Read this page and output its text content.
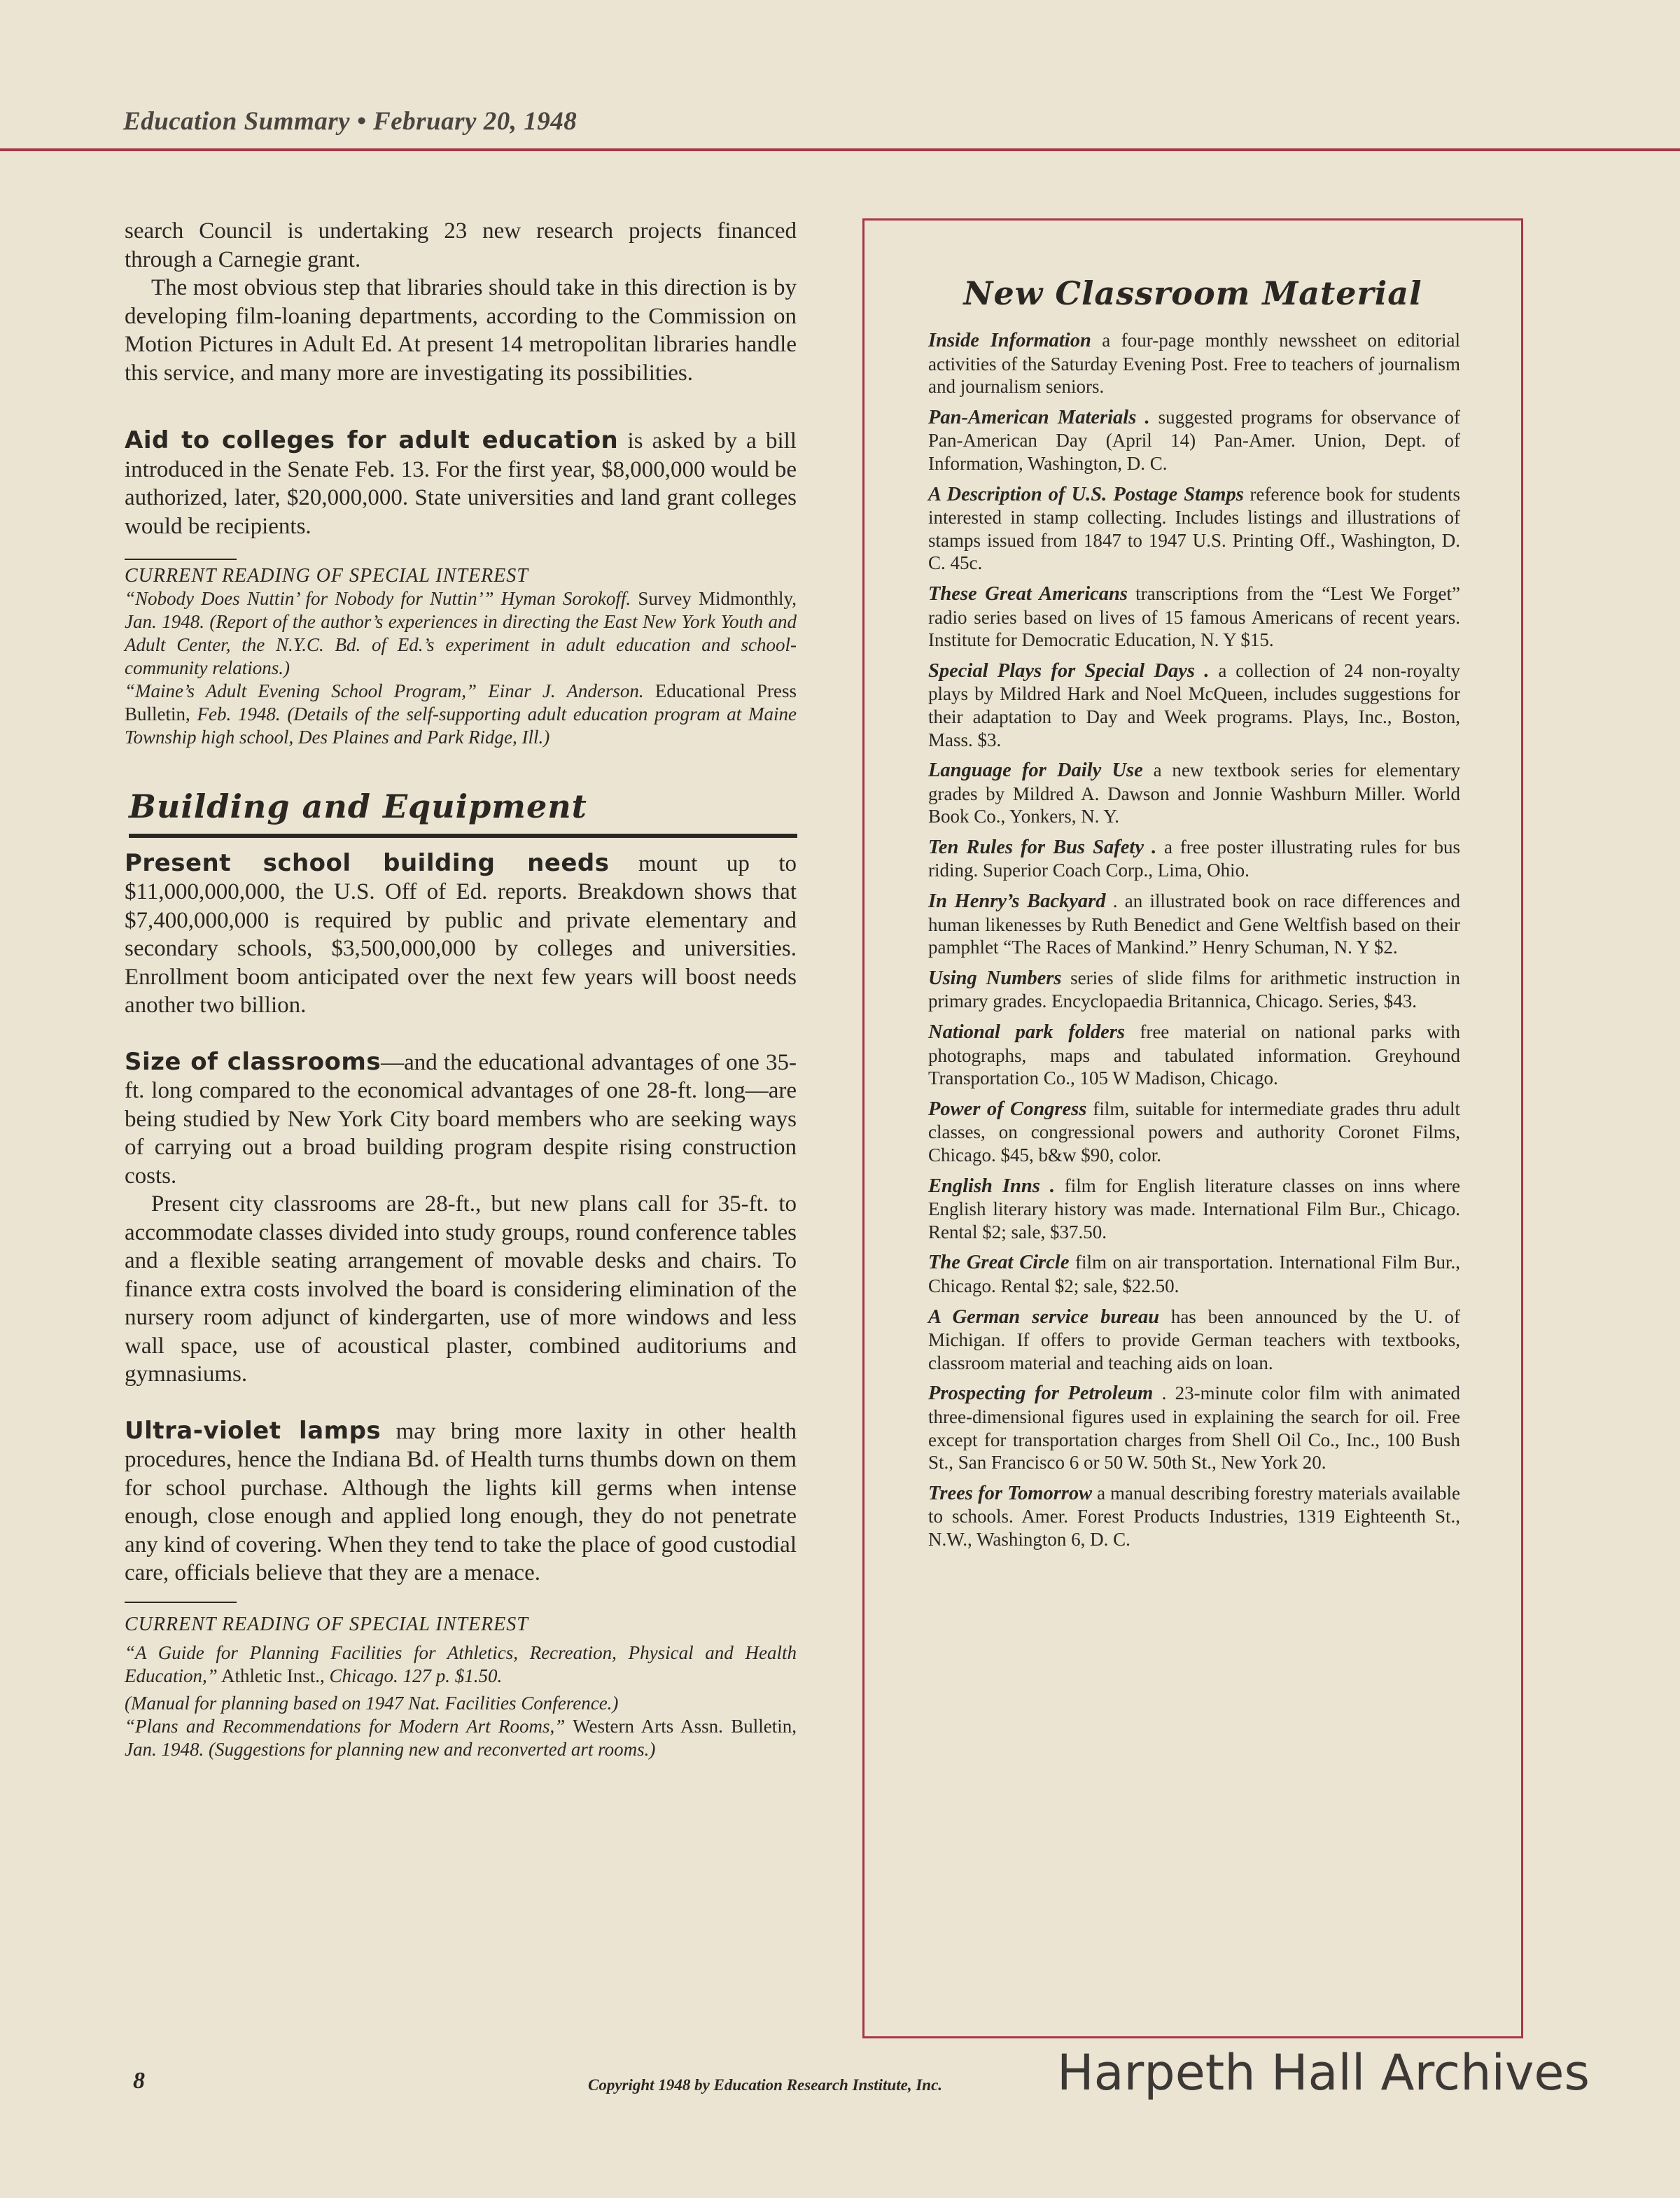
Education Summary • February 20, 1948

search Council is undertaking 23 new research projects financed through a Carnegie grant.

The most obvious step that libraries should take in this direction is by developing film-loaning departments, according to the Commission on Motion Pictures in Adult Ed. At present 14 metropolitan libraries handle this service, and many more are investigating its possibilities.

Aid to colleges for adult education is asked by a bill introduced in the Senate Feb. 13. For the first year, $8,000,000 would be authorized, later, $20,000,000. State universities and land grant colleges would be recipients.

CURRENT READING OF SPECIAL INTEREST

“Nobody Does Nuttin’ for Nobody for Nuttin’” Hyman Sorokoff. Survey Midmonthly, Jan. 1948. (Report of the author’s experiences in directing the East New York Youth and Adult Center, the N.Y.C. Bd. of Ed.’s experiment in adult education and school-community relations.)

“Maine’s Adult Evening School Program,” Einar J. Anderson. Educational Press Bulletin, Feb. 1948. (Details of the self-supporting adult education program at Maine Township high school, Des Plaines and Park Ridge, Ill.)

Building and Equipment

Present school building needs mount up to $11,000,000,000, the U.S. Off of Ed. reports. Breakdown shows that $7,400,000,000 is required by public and private elementary and secondary schools, $3,500,000,000 by colleges and universities. Enrollment boom anticipated over the next few years will boost needs another two billion.

Size of classrooms—and the educational advantages of one 35-ft. long compared to the economical advantages of one 28-ft. long—are being studied by New York City board members who are seeking ways of carrying out a broad building program despite rising construction costs.

Present city classrooms are 28-ft., but new plans call for 35-ft. to accommodate classes divided into study groups, round conference tables and a flexible seating arrangement of movable desks and chairs. To finance extra costs involved the board is considering elimination of the nursery room adjunct of kindergarten, use of more windows and less wall space, use of acoustical plaster, combined auditoriums and gymnasiums.

Ultra-violet lamps may bring more laxity in other health procedures, hence the Indiana Bd. of Health turns thumbs down on them for school purchase. Although the lights kill germs when intense enough, close enough and applied long enough, they do not penetrate any kind of covering. When they tend to take the place of good custodial care, officials believe that they are a menace.

CURRENT READING OF SPECIAL INTEREST

“A Guide for Planning Facilities for Athletics, Recreation, Physical and Health Education,” Athletic Inst., Chicago. 127 p. $1.50.

(Manual for planning based on 1947 Nat. Facilities Conference.)

“Plans and Recommendations for Modern Art Rooms,” Western Arts Assn. Bulletin, Jan. 1948. (Suggestions for planning new and reconverted art rooms.)

New Classroom Material

Inside Information a four-page monthly newssheet on editorial activities of the Saturday Evening Post. Free to teachers of journalism and journalism seniors.

Pan-American Materials . suggested programs for observance of Pan-American Day (April 14) Pan-Amer. Union, Dept. of Information, Washington, D. C.

A Description of U.S. Postage Stamps reference book for students interested in stamp collecting. Includes listings and illustrations of stamps issued from 1847 to 1947 U.S. Printing Off., Washington, D. C. 45c.

These Great Americans transcriptions from the “Lest We Forget” radio series based on lives of 15 famous Americans of recent years. Institute for Democratic Education, N. Y $15.

Special Plays for Special Days . a collection of 24 non-royalty plays by Mildred Hark and Noel McQueen, includes suggestions for their adaptation to Day and Week programs. Plays, Inc., Boston, Mass. $3.

Language for Daily Use a new textbook series for elementary grades by Mildred A. Dawson and Jonnie Washburn Miller. World Book Co., Yonkers, N. Y.

Ten Rules for Bus Safety . a free poster illustrating rules for bus riding. Superior Coach Corp., Lima, Ohio.

In Henry’s Backyard . an illustrated book on race differences and human likenesses by Ruth Benedict and Gene Weltfish based on their pamphlet “The Races of Mankind.” Henry Schuman, N. Y $2.

Using Numbers series of slide films for arithmetic instruction in primary grades. Encyclopaedia Britannica, Chicago. Series, $43.

National park folders free material on national parks with photographs, maps and tabulated information. Greyhound Transportation Co., 105 W Madison, Chicago.

Power of Congress film, suitable for intermediate grades thru adult classes, on congressional powers and authority Coronet Films, Chicago. $45, b&w $90, color.

English Inns . film for English literature classes on inns where English literary history was made. International Film Bur., Chicago. Rental $2; sale, $37.50.

The Great Circle film on air transportation. International Film Bur., Chicago. Rental $2; sale, $22.50.

A German service bureau has been announced by the U. of Michigan. If offers to provide German teachers with textbooks, classroom material and teaching aids on loan.

Prospecting for Petroleum . 23-minute color film with animated three-dimensional figures used in explaining the search for oil. Free except for transportation charges from Shell Oil Co., Inc., 100 Bush St., San Francisco 6 or 50 W. 50th St., New York 20.

Trees for Tomorrow a manual describing forestry materials available to schools. Amer. Forest Products Industries, 1319 Eighteenth St., N.W., Washington 6, D. C.

8	Copyright 1948 by Education Research Institute, Inc. Harpeth Hall Archives
